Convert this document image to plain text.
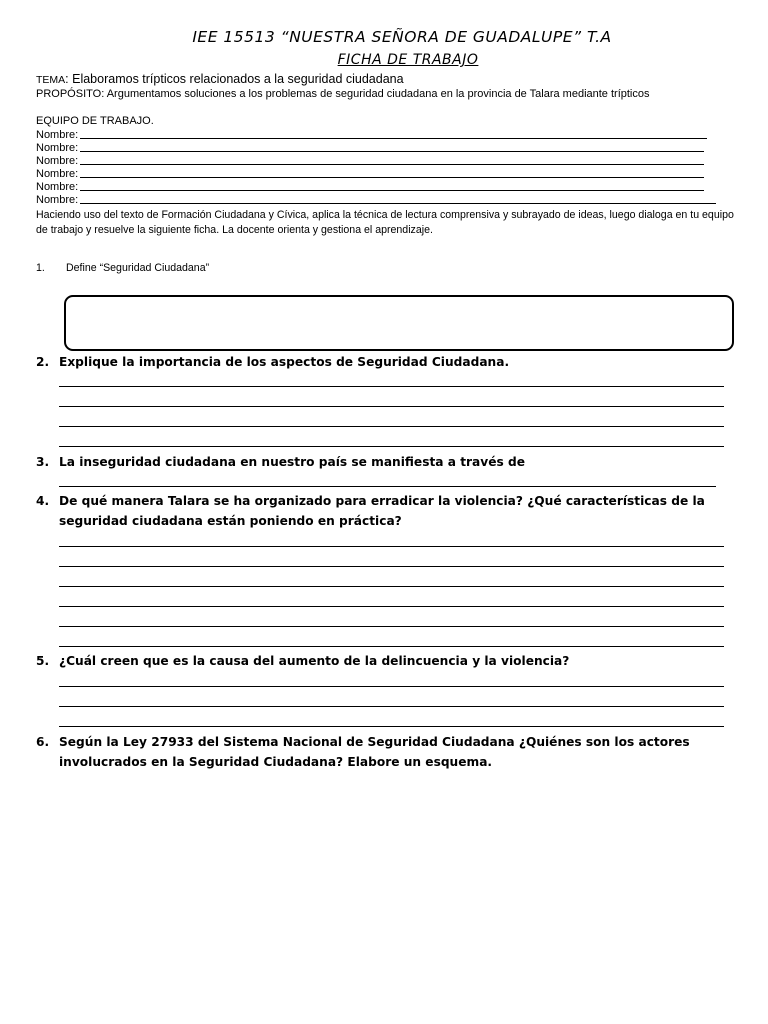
IEE 15513 “NUESTRA SEÑORA DE GUADALUPE” T.A
FICHA DE TRABAJO
TEMA: Elaboramos trípticos relacionados a la seguridad ciudadana
PROPÓSITO: Argumentamos soluciones a los problemas de seguridad ciudadana en la provincia de Talara mediante trípticos
EQUIPO DE TRABAJO.
Nombre:
Nombre:
Nombre:
Nombre:
Nombre:
Nombre:
Haciendo uso del texto de Formación Ciudadana y Cívica, aplica la técnica de lectura comprensiva y subrayado de ideas, luego dialoga en tu equipo de trabajo y resuelve la siguiente ficha. La docente orienta y gestiona el aprendizaje.
1. Define “Seguridad Ciudadana”
2. Explique la importancia de los aspectos de Seguridad Ciudadana.
3. La inseguridad ciudadana en nuestro país se manifiesta a través de
4. De qué manera Talara se ha organizado para erradicar la violencia? ¿Qué características de la seguridad ciudadana están poniendo en práctica?
5. ¿Cuál creen que es la causa del aumento de la delincuencia y la violencia?
6. Según la Ley 27933 del Sistema Nacional de Seguridad Ciudadana ¿Quiénes son los actores involucrados en la Seguridad Ciudadana? Elabore un esquema.
